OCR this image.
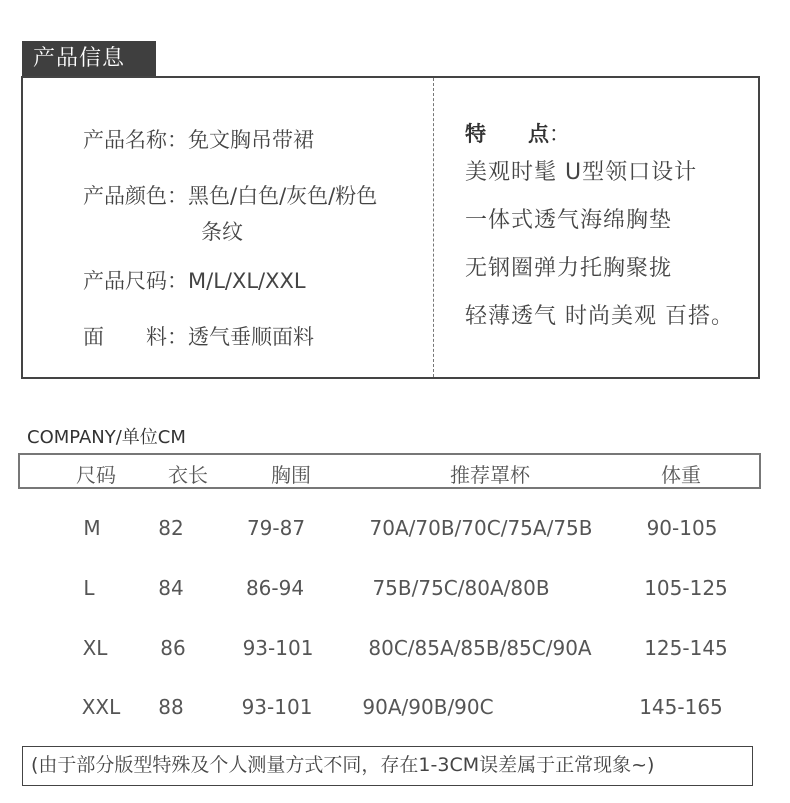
产品信息
产品名称：免文胸吊带裙
产品颜色：黑色/白色/灰色/粉色
条纹
产品尺码：M/L/XL/XXL
面　　料：透气垂顺面料
特　　点：
美观时髦 U型领口设计
一体式透气海绵胸垫
无钢圈弹力托胸聚拢
轻薄透气 时尚美观 百搭。
COMPANY/单位CM
尺码	衣长	胸围	推荐罩杯	体重
M	82	79-87	70A/70B/70C/75A/75B	90-105
L	84	86-94	75B/75C/80A/80B	105-125
XL	86	93-101	80C/85A/85B/85C/90A	125-145
XXL 88	93-101 90A/90B/90C	145-165
(由于部分版型特殊及个人测量方式不同，存在1-3CM误差属于正常现象~)
